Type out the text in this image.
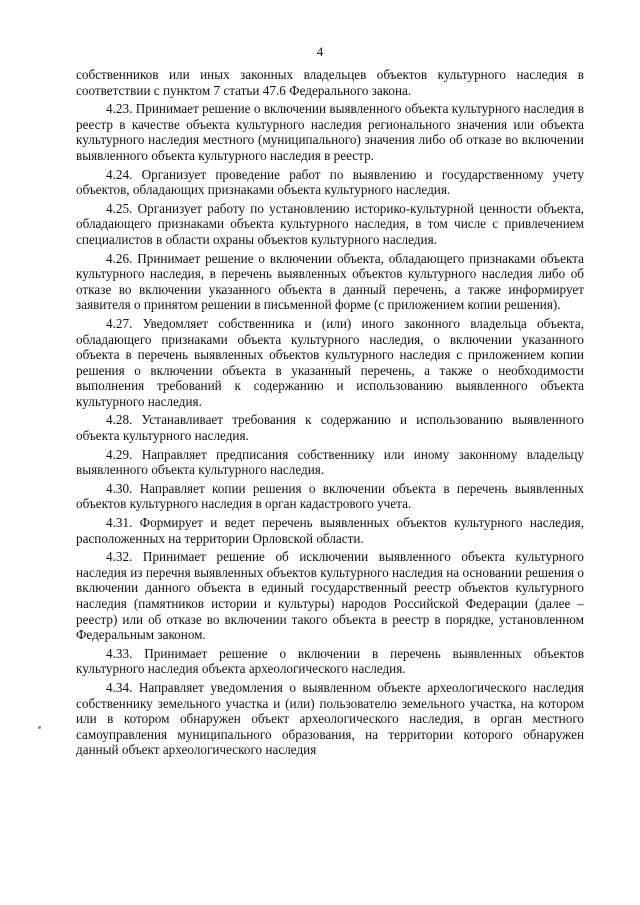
4

собственников или иных законных владельцев объектов культурного наследия в соответствии с пунктом 7 статьи 47.6 Федерального закона.

4.23. Принимает решение о включении выявленного объекта культурного наследия в реестр в качестве объекта культурного наследия регионального значения или объекта культурного наследия местного (муниципального) значения либо об отказе во включении выявленного объекта культурного наследия в реестр.

4.24. Организует проведение работ по выявлению и государственному учету объектов, обладающих признаками объекта культурного наследия.

4.25. Организует работу по установлению историко-культурной ценности объекта, обладающего признаками объекта культурного наследия, в том числе с привлечением специалистов в области охраны объектов культурного наследия.

4.26. Принимает решение о включении объекта, обладающего признаками объекта культурного наследия, в перечень выявленных объектов культурного наследия либо об отказе во включении указанного объекта в данный перечень, а также информирует заявителя о принятом решении в письменной форме (с приложением копии решения).

4.27. Уведомляет собственника и (или) иного законного владельца объекта, обладающего признаками объекта культурного наследия, о включении указанного объекта в перечень выявленных объектов культурного наследия с приложением копии решения о включении объекта в указанный перечень, а также о необходимости выполнения требований к содержанию и использованию выявленного объекта культурного наследия.

4.28. Устанавливает требования к содержанию и использованию выявленного объекта культурного наследия.

4.29. Направляет предписания собственнику или иному законному владельцу выявленного объекта культурного наследия.

4.30. Направляет копии решения о включении объекта в перечень выявленных объектов культурного наследия в орган кадастрового учета.

4.31. Формирует и ведет перечень выявленных объектов культурного наследия, расположенных на территории Орловской области.

4.32. Принимает решение об исключении выявленного объекта культурного наследия из перечня выявленных объектов культурного наследия на основании решения о включении данного объекта в единый государственный реестр объектов культурного наследия (памятников истории и культуры) народов Российской Федерации (далее – реестр) или об отказе во включении такого объекта в реестр в порядке, установленном Федеральным законом.

4.33. Принимает решение о включении в перечень выявленных объектов культурного наследия объекта археологического наследия.

4.34. Направляет уведомления о выявленном объекте археологического наследия собственнику земельного участка и (или) пользователю земельного участка, на котором или в котором обнаружен объект археологического наследия, в орган местного самоуправления муниципального образования, на территории которого обнаружен данный объект археологического наследия
